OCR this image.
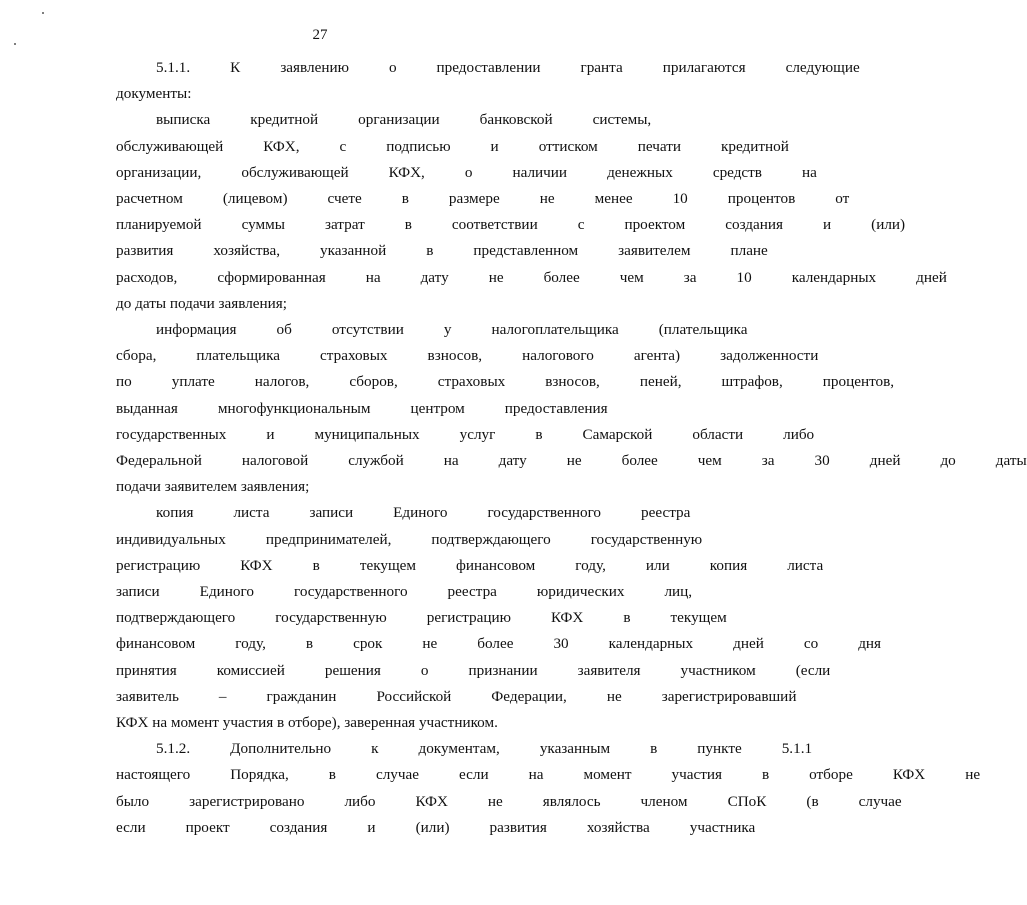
27
5.1.1.	К	заявлению	о	предоставлении	гранта	прилагаются	следующие
документы:
выписка	кредитной	организации	банковской	системы,
обслуживающей	КФХ,	с	подписью	и	оттиском	печати	кредитной
организации,	обслуживающей	КФХ,	о	наличии	денежных	средств	на
расчетном	(лицевом)	счете	в	размере	не	менее	10	процентов	от
планируемой	суммы	затрат	в	соответствии	с	проектом	создания	и	(или)
развития	хозяйства,	указанной	в	представленном	заявителем	плане
расходов,	сформированная	на	дату	не	более	чем	за	10	календарных	дней
до даты подачи заявления;
информация	об	отсутствии	у	налогоплательщика	(плательщика
сбора,	плательщика	страховых	взносов,	налогового	агента)	задолженности
по	уплате	налогов,	сборов,	страховых	взносов,	пеней,	штрафов,	процентов,
выданная	многофункциональным	центром	предоставления
государственных	и	муниципальных	услуг	в	Самарской	области	либо
Федеральной	налоговой	службой	на	дату	не	более	чем	за	30	дней	до	даты
подачи заявителем заявления;
копия	листа	записи	Единого	государственного	реестра
индивидуальных	предпринимателей,	подтверждающего	государственную
регистрацию	КФХ	в	текущем	финансовом	году,	или	копия	листа
записи	Единого	государственного	реестра	юридических	лиц,
подтверждающего	государственную	регистрацию	КФХ	в	текущем
финансовом	году,	в	срок	не	более	30	календарных	дней	со	дня
принятия	комиссией	решения	о	признании	заявителя	участником	(если
заявитель	–	гражданин	Российской	Федерации,	не	зарегистрировавший
КФХ на момент участия в отборе), заверенная участником.
5.1.2.	Дополнительно	к	документам,	указанным	в	пункте	5.1.1
настоящего	Порядка,	в	случае	если	на	момент	участия	в	отборе	КФХ	не
было	зарегистрировано	либо	КФХ	не	являлось	членом	СПоК	(в	случае
если	проект	создания	и	(или)	развития	хозяйства	участника
